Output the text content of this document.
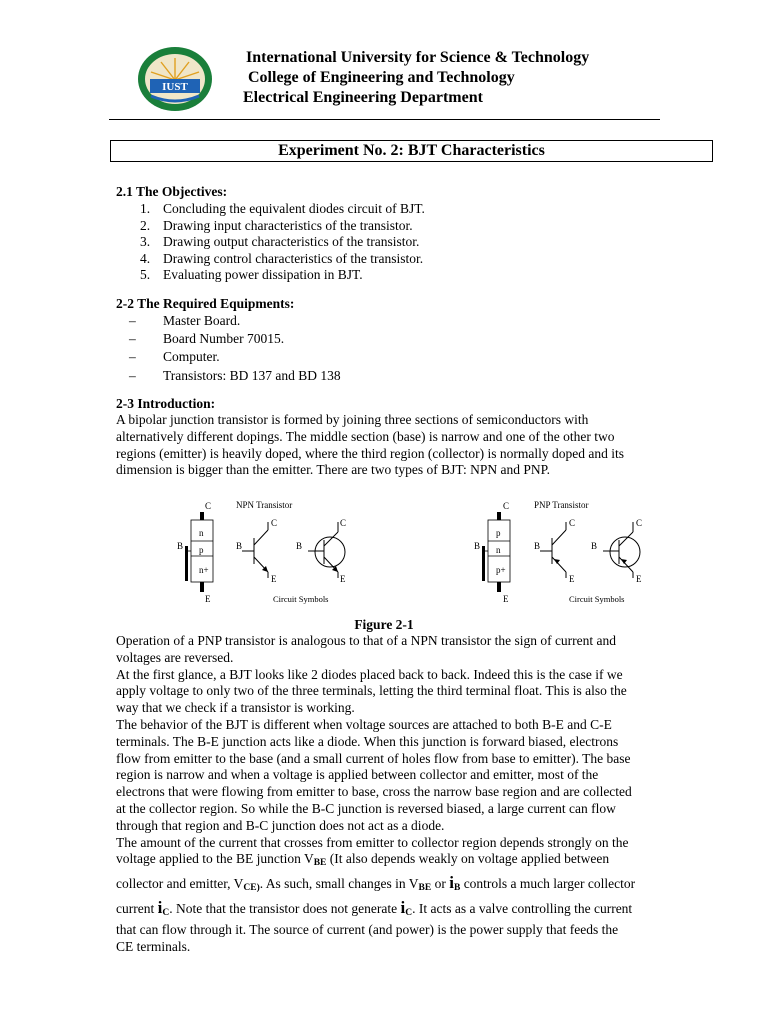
IUST
International University for Science & Technology
College of Engineering and Technology
Electrical Engineering Department
Experiment No. 2: BJT Characteristics
2.1 The Objectives:
1. Concluding the equivalent diodes circuit of BJT.
2. Drawing input characteristics of the transistor.
3. Drawing output characteristics of the transistor.
4. Drawing control characteristics of the transistor.
5. Evaluating power dissipation in BJT.
2-2 The Required Equipments:
– Master Board.
– Board Number 70015.
– Computer.
– Transistors: BD 137 and BD 138
2-3 Introduction:
A bipolar junction transistor is formed by joining three sections of semiconductors with
alternatively different dopings. The middle section (base) is narrow and one of the other two
regions (emitter) is heavily doped, where the third region (collector) is normally doped and its
dimension is bigger than the emitter. There are two types of BJT: NPN and PNP.
C
n
p
n+
E
B
NPN Transistor
C
B
E
C
B
E
Circuit Symbols
C
p
n
p+
E
B
PNP Transistor
C
B
E
C
B
E
Circuit Symbols
Figure 2-1
Operation of a PNP transistor is analogous to that of a NPN transistor the sign of current and
voltages are reversed.
At the first glance, a BJT looks like 2 diodes placed back to back. Indeed this is the case if we
apply voltage to only two of the three terminals, letting the third terminal float. This is also the
way that we check if a transistor is working.
The behavior of the BJT is different when voltage sources are attached to both B-E and C-E
terminals. The B-E junction acts like a diode. When this junction is forward biased, electrons
flow from emitter to the base (and a small current of holes flow from base to emitter). The base
region is narrow and when a voltage is applied between collector and emitter, most of the
electrons that were flowing from emitter to base, cross the narrow base region and are collected
at the collector region. So while the B-C junction is reversed biased, a large current can flow
through that region and B-C junction does not act as a diode.
The amount of the current that crosses from emitter to collector region depends strongly on the
voltage applied to the BE junction $V_{BE}$ (It also depends weakly on voltage applied between
collector and emitter, $V_{CE)}$. As such, small changes in $V_{BE}$ or $i_B$ controls a much larger collector
current $i_C$. Note that the transistor does not generate $i_C$. It acts as a valve controlling the current
that can flow through it. The source of current (and power) is the power supply that feeds the
CE terminals.
